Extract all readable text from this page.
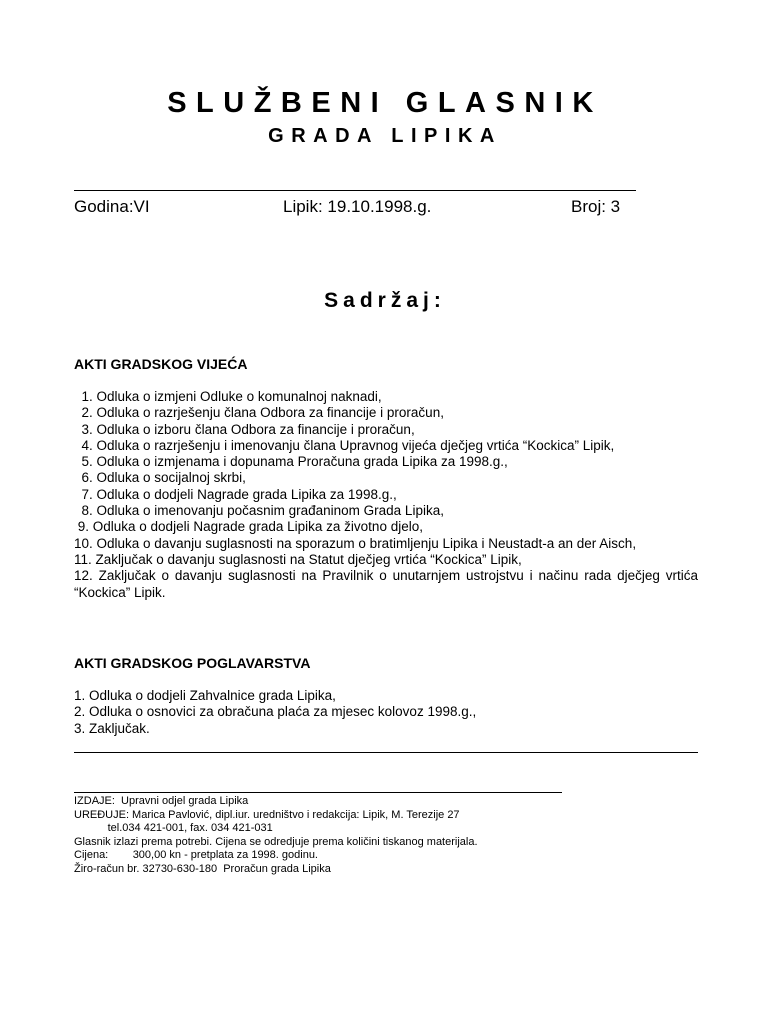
SLUŽBENI GLASNIK
GRADA LIPIKA
Godina:VI	Lipik: 19.10.1998.g.	Broj: 3
Sadržaj:
AKTI GRADSKOG VIJEĆA
1. Odluka o izmjeni Odluke o komunalnoj naknadi,
2. Odluka o razrješenju člana Odbora za financije i proračun,
3. Odluka o izboru člana Odbora za financije i proračun,
4. Odluka o razrješenju i imenovanju člana Upravnog vijeća dječjeg vrtića “Kockica” Lipik,
5. Odluka o izmjenama i dopunama Proračuna grada Lipika za 1998.g.,
6. Odluka o socijalnoj skrbi,
7. Odluka o dodjeli Nagrade grada Lipika za 1998.g.,
8. Odluka o imenovanju počasnim građaninom Grada Lipika,
9. Odluka o dodjeli Nagrade grada Lipika za životno djelo,
10. Odluka o davanju suglasnosti na sporazum o bratimljenju Lipika i Neustadt-a an der Aisch,
11. Zaključak o davanju suglasnosti na Statut dječjeg vrtića “Kockica” Lipik,
12. Zaključak o davanju suglasnosti na Pravilnik o unutarnjem ustrojstvu i načinu rada dječjeg vrtića “Kockica” Lipik.
AKTI GRADSKOG POGLAVARSTVA
1. Odluka o dodjeli Zahvalnice grada Lipika,
2. Odluka o osnovici za obračuna plaća za mjesec kolovoz 1998.g.,
3. Zaključak.
IZDAJE:  Upravni odjel grada Lipika
UREĐUJE: Marica Pavlović, dipl.iur. uredništvo i redakcija: Lipik, M. Terezije 27
tel.034 421-001, fax. 034 421-031
Glasnik izlazi prema potrebi. Cijena se odredjuje prema količini tiskanog materijala.
Cijena:        300,00 kn - pretplata za 1998. godinu.
Žiro-račun br. 32730-630-180  Proračun grada Lipika
